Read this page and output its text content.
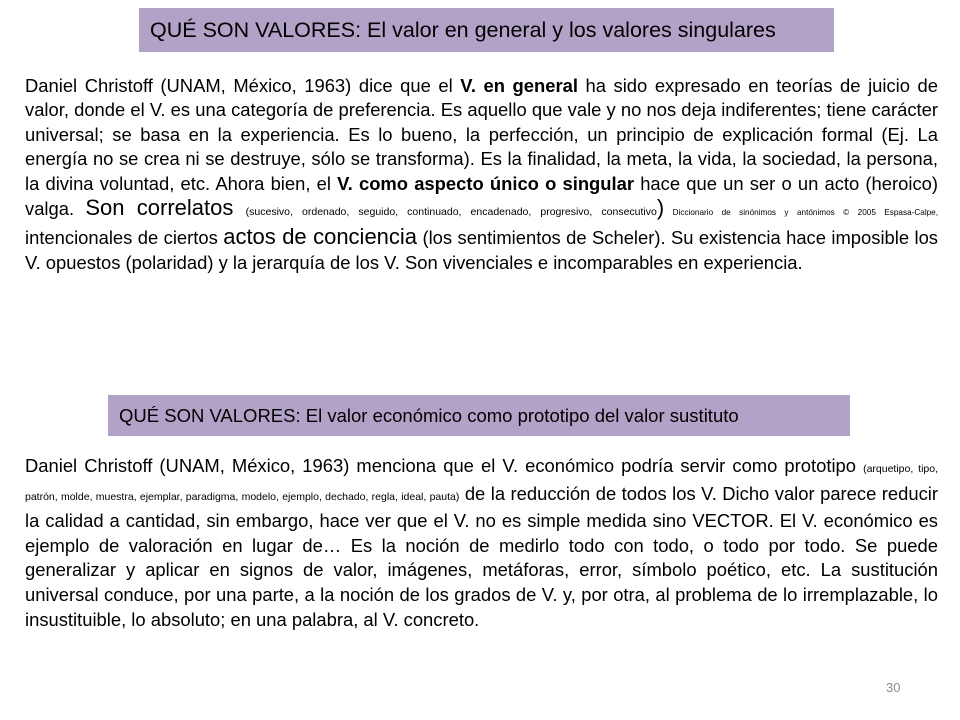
QUÉ SON VALORES: El valor en general y los valores singulares
Daniel Christoff (UNAM, México, 1963) dice que el V. en general ha sido expresado en teorías de juicio de valor, donde el V. es una categoría de preferencia. Es aquello que vale y no nos deja indiferentes; tiene carácter universal; se basa en la experiencia. Es lo bueno, la perfección, un principio de explicación formal (Ej. La energía no se crea ni se destruye, sólo se transforma). Es la finalidad, la meta, la vida, la sociedad, la persona, la divina voluntad, etc. Ahora bien, el V. como aspecto único o singular hace que un ser o un acto (heroico) valga. Son correlatos (sucesivo, ordenado, seguido, continuado, encadenado, progresivo, consecutivo) Diccionario de sinónimos y antónimos © 2005 Espasa-Calpe, intencionales de ciertos actos de conciencia (los sentimientos de Scheler). Su existencia hace imposible los V. opuestos (polaridad) y la jerarquía de los V. Son vivenciales e incomparables en experiencia.
QUÉ SON VALORES: El valor económico como prototipo del valor sustituto
Daniel Christoff (UNAM, México, 1963) menciona que el V. económico podría servir como prototipo (arquetipo, tipo, patrón, molde, muestra, ejemplar, paradigma, modelo, ejemplo, dechado, regla, ideal, pauta) de la reducción de todos los V. Dicho valor parece reducir la calidad a cantidad, sin embargo, hace ver que el V. no es simple medida sino VECTOR. El V. económico es ejemplo de valoración en lugar de… Es la noción de medirlo todo con todo, o todo por todo. Se puede generalizar y aplicar en signos de valor, imágenes, metáforas, error, símbolo poético, etc. La sustitución universal conduce, por una parte, a la noción de los grados de V. y, por otra, al problema de lo irremplazable, lo insustituible, lo absoluto; en una palabra, al V. concreto.
30
